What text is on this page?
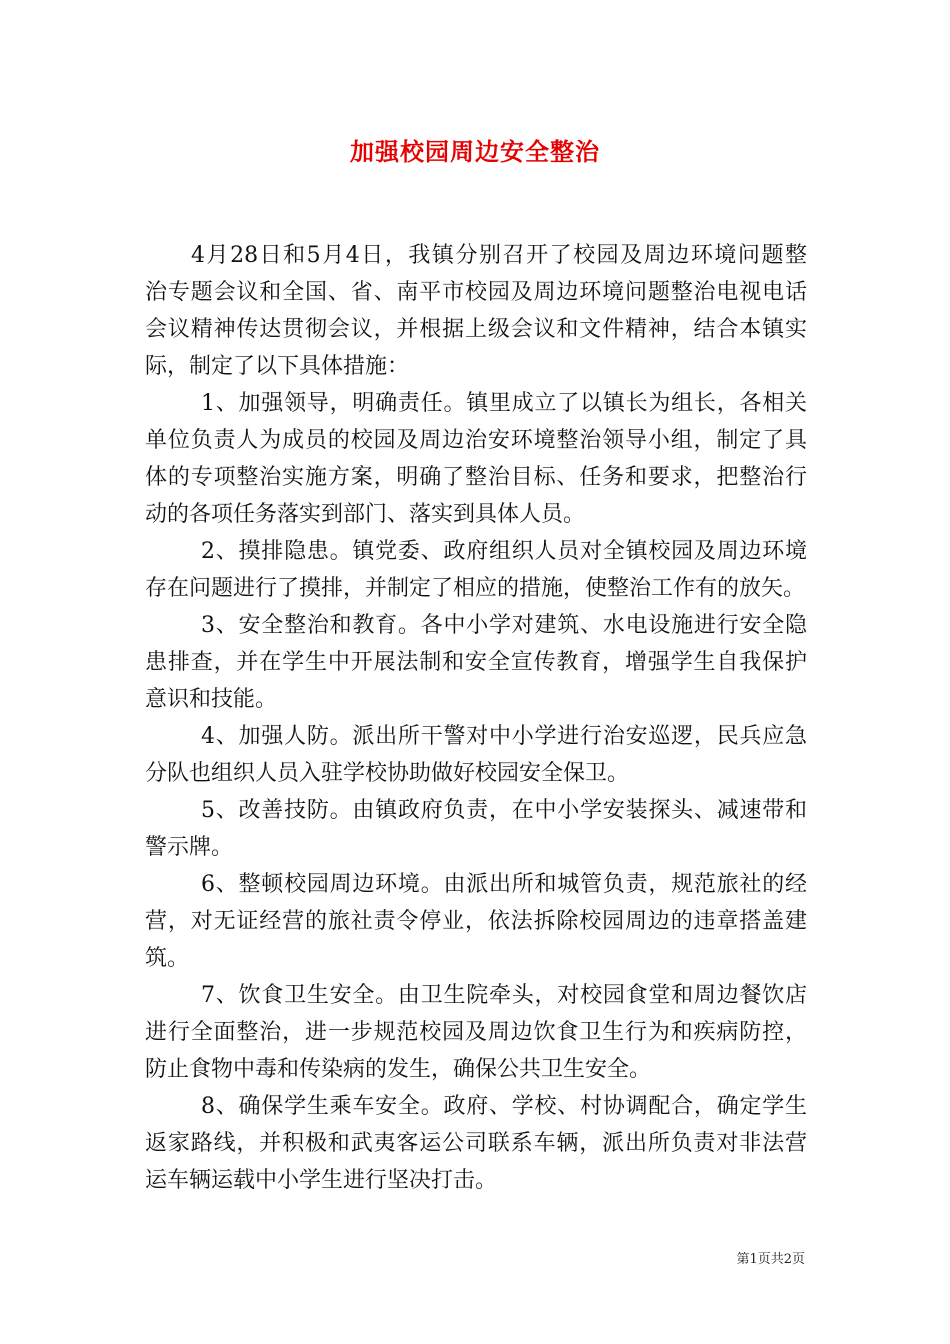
加强校园周边安全整治
4月28日和5月4日，我镇分别召开了校园及周边环境问题整
治专题会议和全国、省、南平市校园及周边环境问题整治电视电话
会议精神传达贯彻会议，并根据上级会议和文件精神，结合本镇实
际，制定了以下具体措施：
1、加强领导，明确责任。镇里成立了以镇长为组长，各相关
单位负责人为成员的校园及周边治安环境整治领导小组，制定了具
体的专项整治实施方案，明确了整治目标、任务和要求，把整治行
动的各项任务落实到部门、落实到具体人员。
2、摸排隐患。镇党委、政府组织人员对全镇校园及周边环境
存在问题进行了摸排，并制定了相应的措施，使整治工作有的放矢。
3、安全整治和教育。各中小学对建筑、水电设施进行安全隐
患排查，并在学生中开展法制和安全宣传教育，增强学生自我保护
意识和技能。
4、加强人防。派出所干警对中小学进行治安巡逻，民兵应急
分队也组织人员入驻学校协助做好校园安全保卫。
5、改善技防。由镇政府负责，在中小学安装探头、减速带和
警示牌。
6、整顿校园周边环境。由派出所和城管负责，规范旅社的经
营，对无证经营的旅社责令停业，依法拆除校园周边的违章搭盖建
筑。
7、饮食卫生安全。由卫生院牵头，对校园食堂和周边餐饮店
进行全面整治，进一步规范校园及周边饮食卫生行为和疾病防控，
防止食物中毒和传染病的发生，确保公共卫生安全。
8、确保学生乘车安全。政府、学校、村协调配合，确定学生
返家路线，并积极和武夷客运公司联系车辆，派出所负责对非法营
运车辆运载中小学生进行坚决打击。
第1页共2页
